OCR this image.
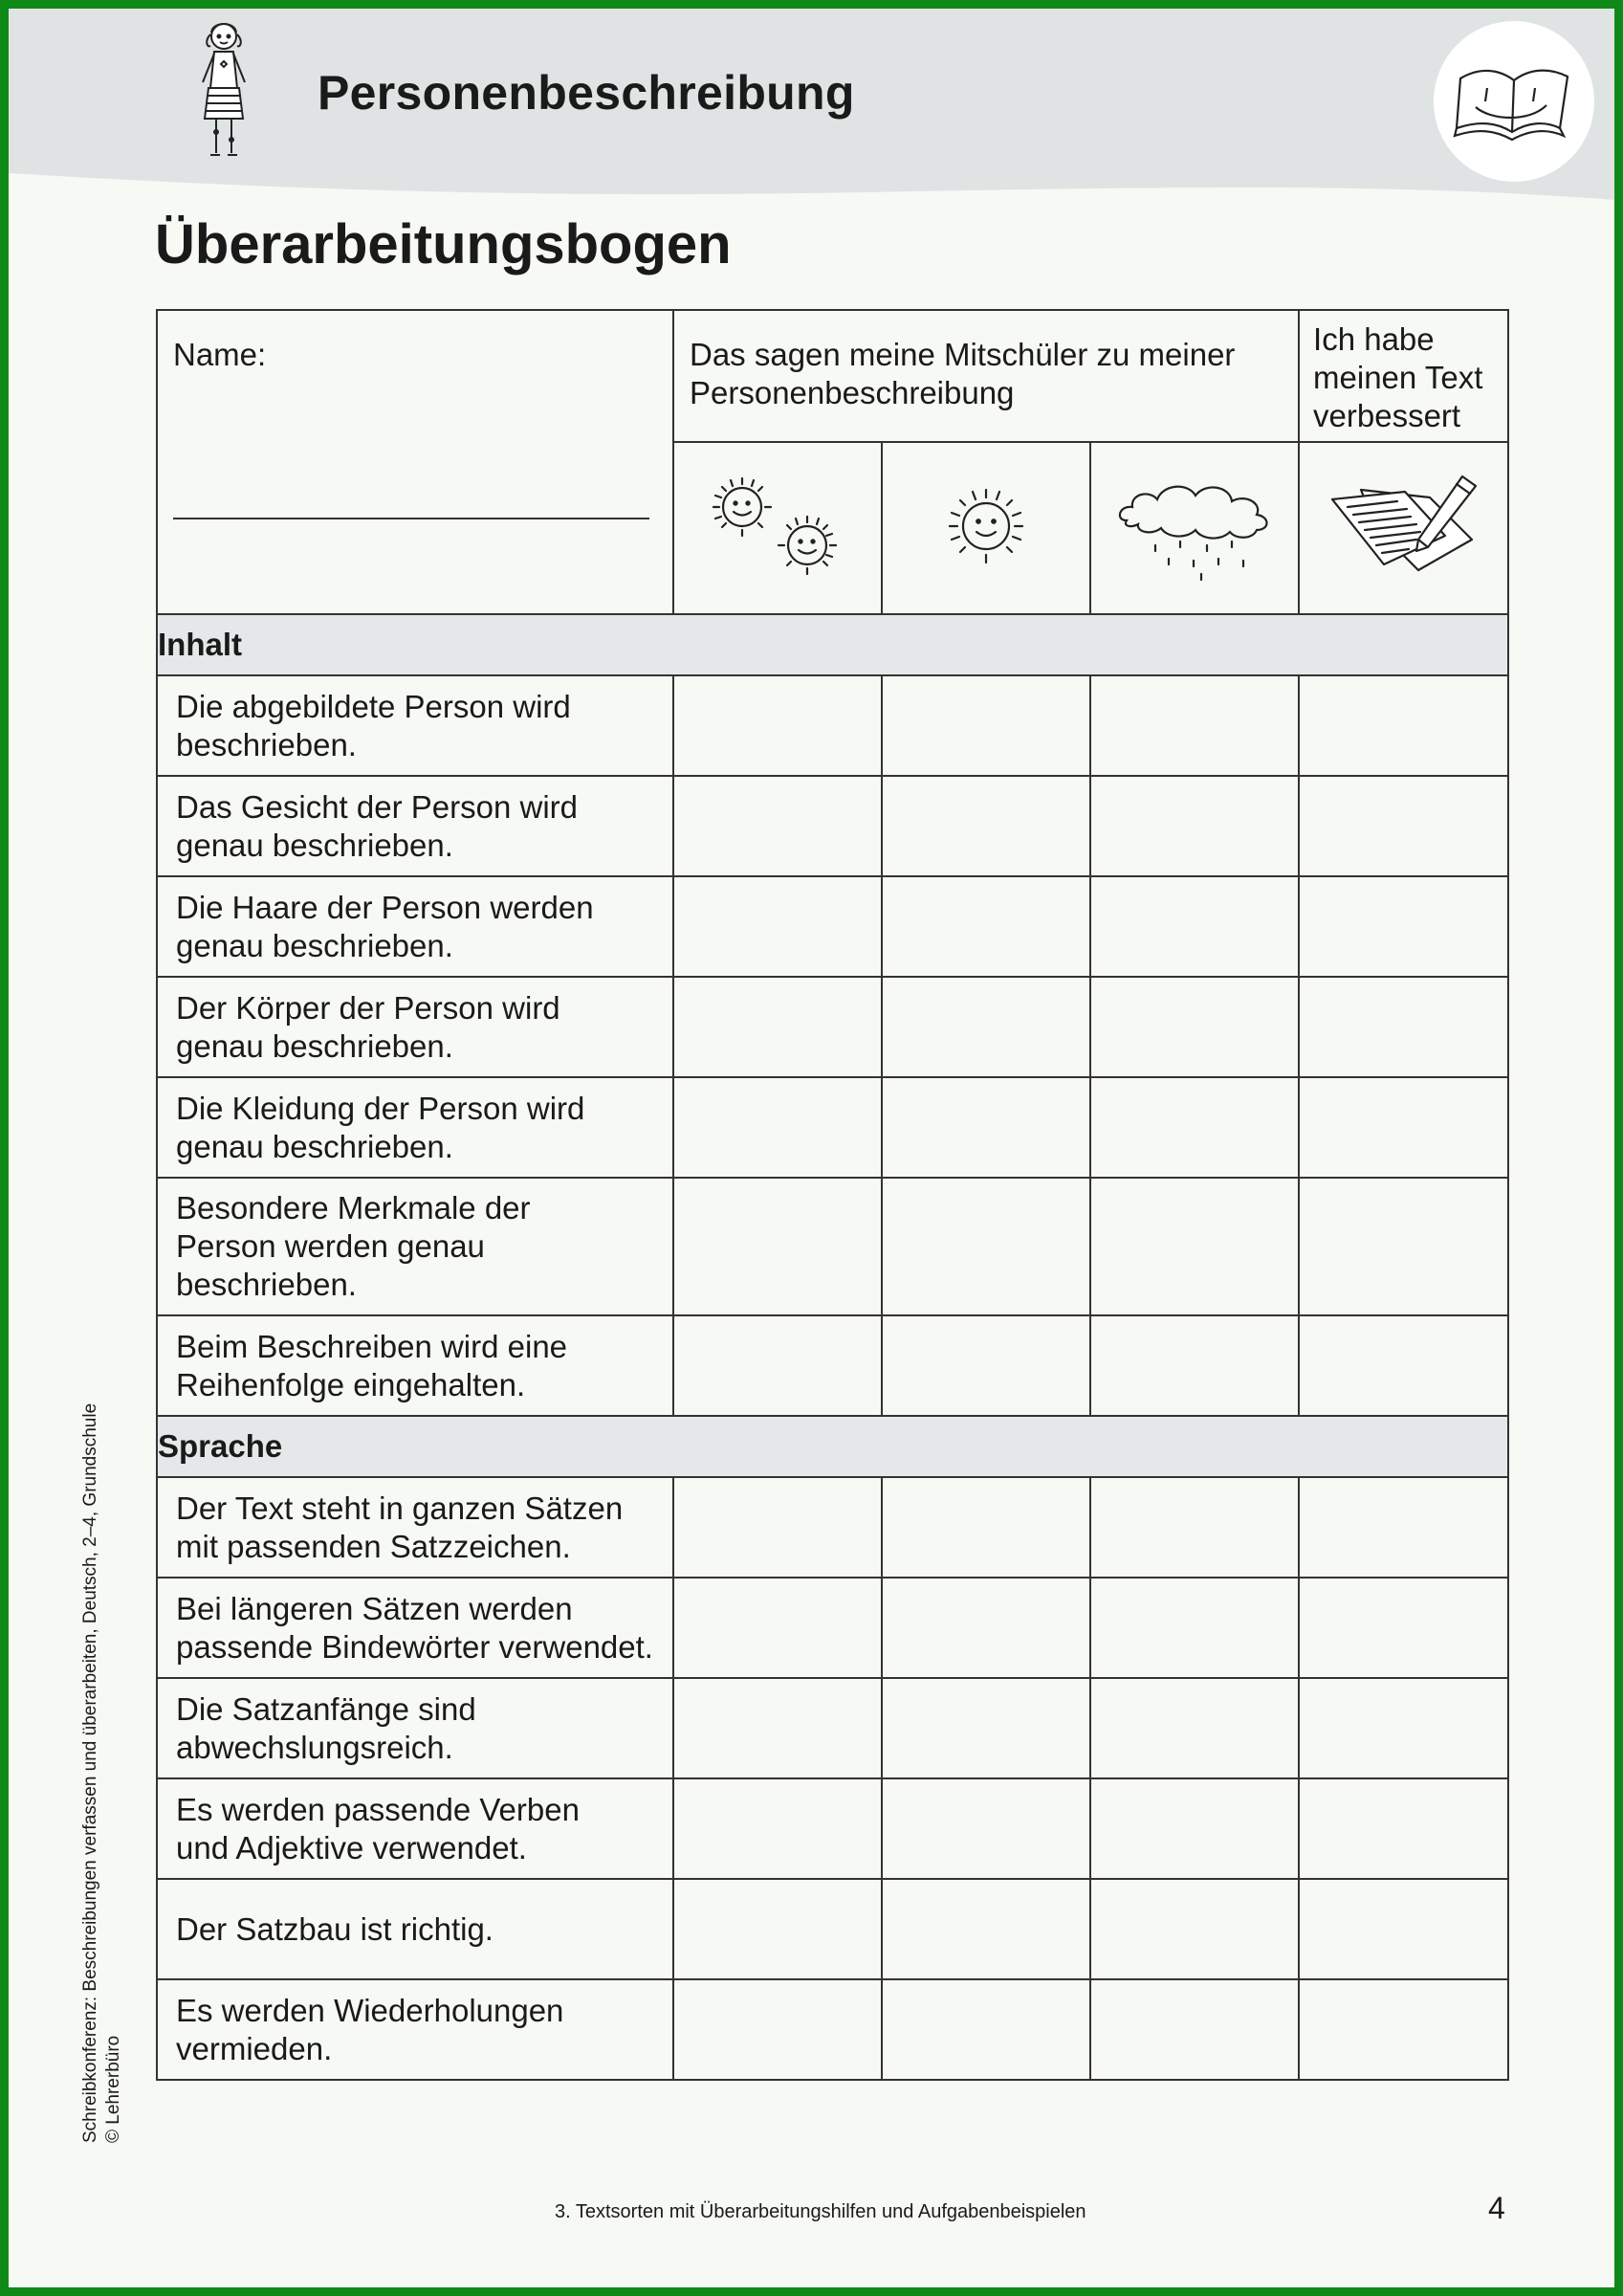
Personenbeschreibung
Überarbeitungsbogen
Name:	Das sagen meine Mitschüler zu meiner Personenbeschreibung			Ich habe
meinen Text
verbessert

Inhalt				

Die abgebildete Person wird
beschrieben.				

Das Gesicht der Person wird
genau beschrieben.				

Die Haare der Person werden
genau beschrieben.				

Der Körper der Person wird
genau beschrieben.				

Die Kleidung der Person wird
genau beschrieben.				

Besondere Merkmale der
Person werden genau
beschrieben.				

Beim Beschreiben wird eine
Reihenfolge eingehalten.				

Sprache				

Der Text steht in ganzen Sätzen
mit passenden Satzzeichen.				

Bei längeren Sätzen werden
passende Bindewörter verwendet.				

Die Satzanfänge sind
abwechslungsreich.				

Es werden passende Verben
und Adjektive verwendet.				

Der Satzbau ist richtig.				

Es werden Wiederholungen
vermieden.				

Schreibkonferenz: Beschreibungen verfassen und überarbeiten, Deutsch, 2–4, Grundschule © Lehrerbüro
3. Textsorten mit Überarbeitungshilfen und Aufgabenbeispielen	4
